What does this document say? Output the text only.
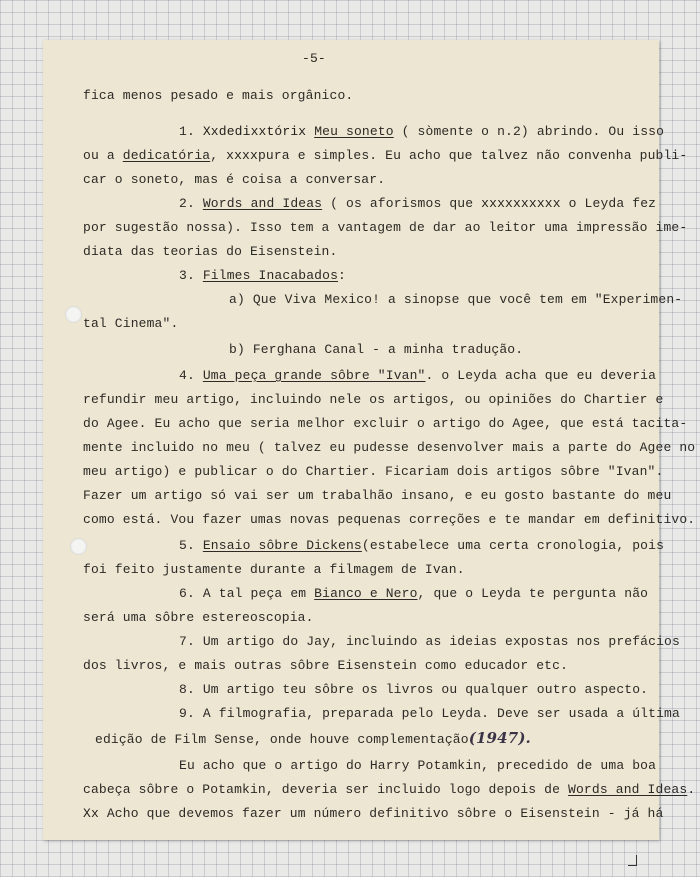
-5-
fica menos pesado e mais orgânico.
1. Xxdedixxtórix Meu soneto ( sòmente o n.2) abrindo. Ou isso
ou a dedicatória, xxxxpura e simples. Eu acho que talvez não convenha publi-
car o soneto, mas é coisa a conversar.
2. Words and Ideas ( os aforismos que xxxxxxxxxx o Leyda fez
por sugestão nossa). Isso tem a vantagem de dar ao leitor uma impressão ime-
diata das teorias do Eisenstein.
3. Filmes Inacabados:
a) Que Viva Mexico! a sinopse que você tem em "Experimen-
tal Cinema".
b) Ferghana Canal - a minha tradução.
4. Uma peça grande sôbre "Ivan". o Leyda acha que eu deveria
refundir meu artigo, incluindo nele os artigos, ou opiniões do Chartier e
do Agee. Eu acho que seria melhor excluir o artigo do Agee, que está tacita-
mente incluido no meu ( talvez eu pudesse desenvolver mais a parte do Agee no
meu artigo) e publicar o do Chartier. Ficariam dois artigos sôbre "Ivan".
Fazer um artigo só vai ser um trabalhão insano, e eu gosto bastante do meu
como está. Vou fazer umas novas pequenas correções e te mandar em definitivo.
5. Ensaio sôbre Dickens(estabelece uma certa cronologia, pois
foi feito justamente durante a filmagem de Ivan.
6. A tal peça em Bianco e Nero, que o Leyda te pergunta não
será uma sôbre estereoscopia.
7. Um artigo do Jay, incluindo as ideias expostas nos prefácios
dos livros, e mais outras sôbre Eisenstein como educador etc.
8. Um artigo teu sôbre os livros ou qualquer outro aspecto.
9. A filmografia, preparada pelo Leyda. Deve ser usada a última
edição de Film Sense, onde houve complementação(1947).
Eu acho que o artigo do Harry Potamkin, precedido de uma boa
cabeça sôbre o Potamkin, deveria ser incluido logo depois de Words and Ideas.
Xx Acho que devemos fazer um número definitivo sôbre o Eisenstein - já há
